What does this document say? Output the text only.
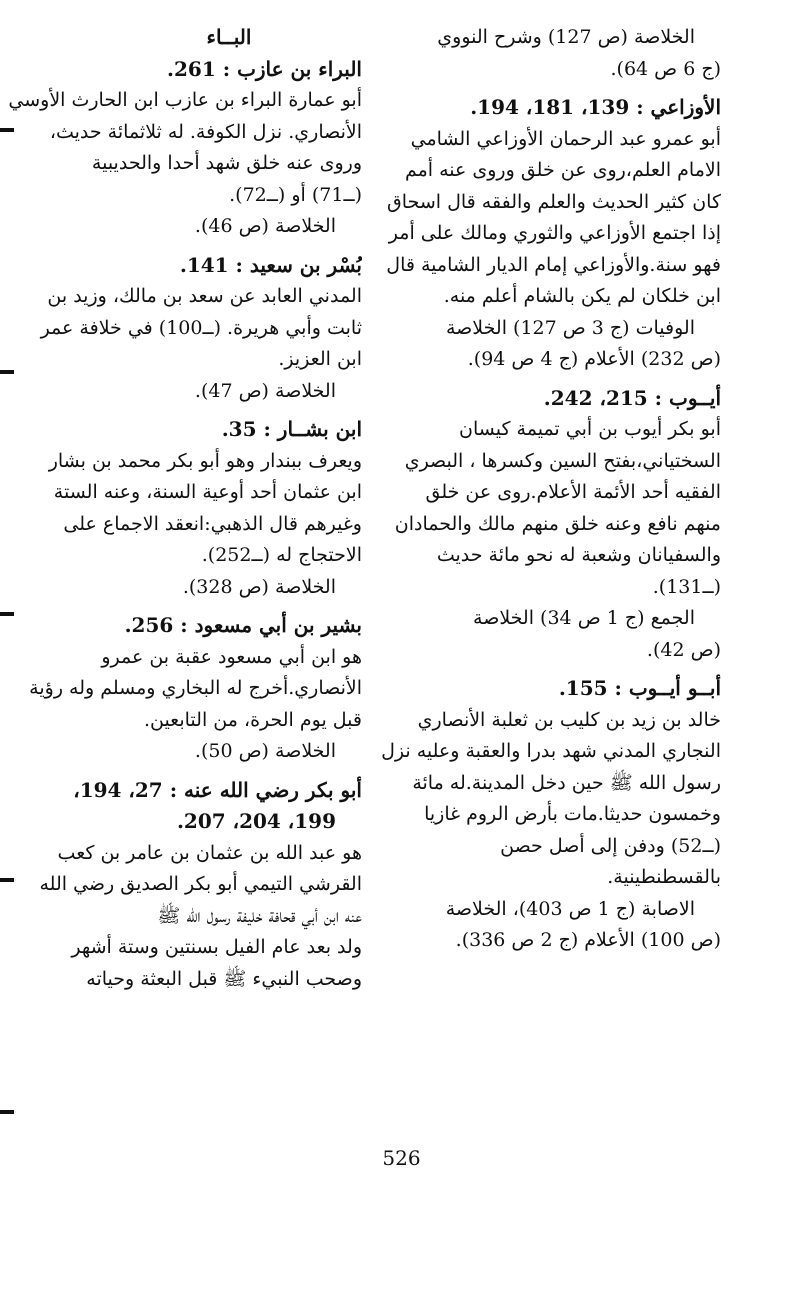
الخلاصة (ص 127) وشرح النووي
(ج 6 ص 64).
الأوزاعي : 139، 181، 194.
أبو عمرو عبد الرحمان الأوزاعي الشامي
الامام العلم،روى عن خلق وروى عنه أمم
كان كثير الحديث والعلم والفقه قال اسحاق
إذا اجتمع الأوزاعي والثوري ومالك على أمر
فهو سنة.والأوزاعي إمام الديار الشامية قال
ابن خلكان لم يكن بالشام أعلم منه.
الوفيات (ج 3 ص 127) الخلاصة
(ص 232) الأعلام (ج 4 ص 94).
أيــوب : 215، 242.
أبو بكر أيوب بن أبي تميمة كيسان
السختياني،بفتح السين وكسرها ، البصري
الفقيه أحد الأئمة الأعلام.روى عن خلق
منهم نافع وعنه خلق منهم مالك والحمادان
والسفيانان وشعبة له نحو مائة حديث
(ــ131).
الجمع (ج 1 ص 34) الخلاصة
(ص 42).
أبــو أيــوب : 155.
خالد بن زيد بن كليب بن ثعلبة الأنصاري
النجاري المدني شهد بدرا والعقبة وعليه نزل
رسول الله ﷺ حين دخل المدينة.له مائة
وخمسون حديثا.مات بأرض الروم غازيا
(ــ52) ودفن إلى أصل حصن
بالقسطنطينية.
الاصابة (ج 1 ص 403)، الخلاصة
(ص 100) الأعلام (ج 2 ص 336).
البــاء
البراء بن عازب : 261.
أبو عمارة البراء بن عازب ابن الحارث الأوسي
الأنصاري. نزل الكوفة. له ثلاثمائة حديث،
وروى عنه خلق شهد أحدا والحديبية
(ــ71) أو (ــ72).
الخلاصة (ص 46).
بُسْر بن سعيد : 141.
المدني العابد عن سعد بن مالك، وزيد بن
ثابت وأبي هريرة. (ــ100) في خلافة عمر
ابن العزيز.
الخلاصة (ص 47).
ابن بشــار : 35.
ويعرف ببندار وهو أبو بكر محمد بن بشار
ابن عثمان أحد أوعية السنة، وعنه الستة
وغيرهم قال الذهبي:انعقد الاجماع على
الاحتجاج له (ــ252).
الخلاصة (ص 328).
بشير بن أبي مسعود : 256.
هو ابن أبي مسعود عقبة بن عمرو
الأنصاري.أخرج له البخاري ومسلم وله رؤية
قبل يوم الحرة، من التابعين.
الخلاصة (ص 50).
أبو بكر رضي الله عنه : 27، 194،
199، 204، 207.
هو عبد الله بن عثمان بن عامر بن كعب
القرشي التيمي أبو بكر الصديق رضي الله
عنه ابن أبي قحافة خليفة رسول الله ﷺ
ولد بعد عام الفيل بسنتين وستة أشهر
وصحب النبيء ﷺ قبل البعثة وحياته
526
